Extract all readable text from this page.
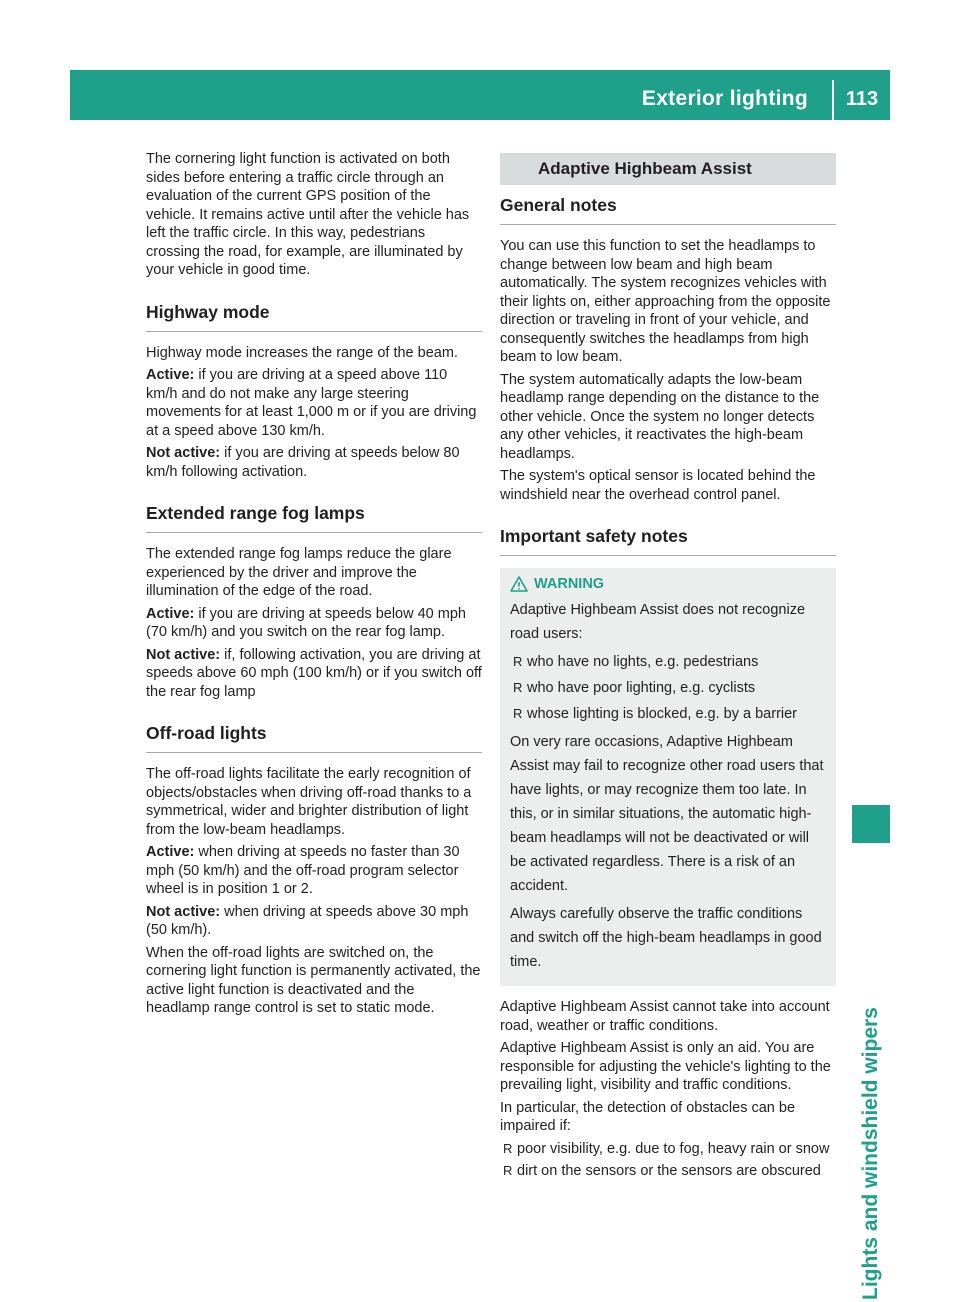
Exterior lighting	113
Lights and windshield wipers

The cornering light function is activated on both sides before entering a traffic circle through an evaluation of the current GPS position of the vehicle. It remains active until after the vehicle has left the traffic circle. In this way, pedestrians crossing the road, for example, are illuminated by your vehicle in good time.

Highway mode

Highway mode increases the range of the beam.

Active: if you are driving at a speed above 110 km/h and do not make any large steering movements for at least 1,000 m or if you are driving at a speed above 130 km/h.

Not active: if you are driving at speeds below 80 km/h following activation.

Extended range fog lamps

The extended range fog lamps reduce the glare experienced by the driver and improve the illumination of the edge of the road.

Active: if you are driving at speeds below 40 mph (70 km/h) and you switch on the rear fog lamp.

Not active: if, following activation, you are driving at speeds above 60 mph (100 km/h) or if you switch off the rear fog lamp

Off-road lights

The off-road lights facilitate the early recognition of objects/obstacles when driving off-road thanks to a symmetrical, wider and brighter distribution of light from the low-beam headlamps.

Active: when driving at speeds no faster than 30 mph (50 km/h) and the off-road program selector wheel is in position 1 or 2.

Not active: when driving at speeds above 30 mph (50 km/h).

When the off-road lights are switched on, the cornering light function is permanently activated, the active light function is deactivated and the headlamp range control is set to static mode.

Adaptive Highbeam Assist
General notes

You can use this function to set the headlamps to change between low beam and high beam automatically. The system recognizes vehicles with their lights on, either approaching from the opposite direction or traveling in front of your vehicle, and consequently switches the headlamps from high beam to low beam.

The system automatically adapts the low-beam headlamp range depending on the distance to the other vehicle. Once the system no longer detects any other vehicles, it reactivates the high-beam headlamps.

The system's optical sensor is located behind the windshield near the overhead control panel.

Important safety notes
WARNING

Adaptive Highbeam Assist does not recognize road users:

R who have no lights, e.g. pedestrians
R who have poor lighting, e.g. cyclists
R whose lighting is blocked, e.g. by a barrier

On very rare occasions, Adaptive Highbeam Assist may fail to recognize other road users that have lights, or may recognize them too late. In this, or in similar situations, the automatic high-beam headlamps will not be deactivated or will be activated regardless. There is a risk of an accident.

Always carefully observe the traffic conditions and switch off the high-beam headlamps in good time.

Adaptive Highbeam Assist cannot take into account road, weather or traffic conditions.

Adaptive Highbeam Assist is only an aid. You are responsible for adjusting the vehicle's lighting to the prevailing light, visibility and traffic conditions.

In particular, the detection of obstacles can be impaired if:

R poor visibility, e.g. due to fog, heavy rain or snow
R dirt on the sensors or the sensors are obscured
